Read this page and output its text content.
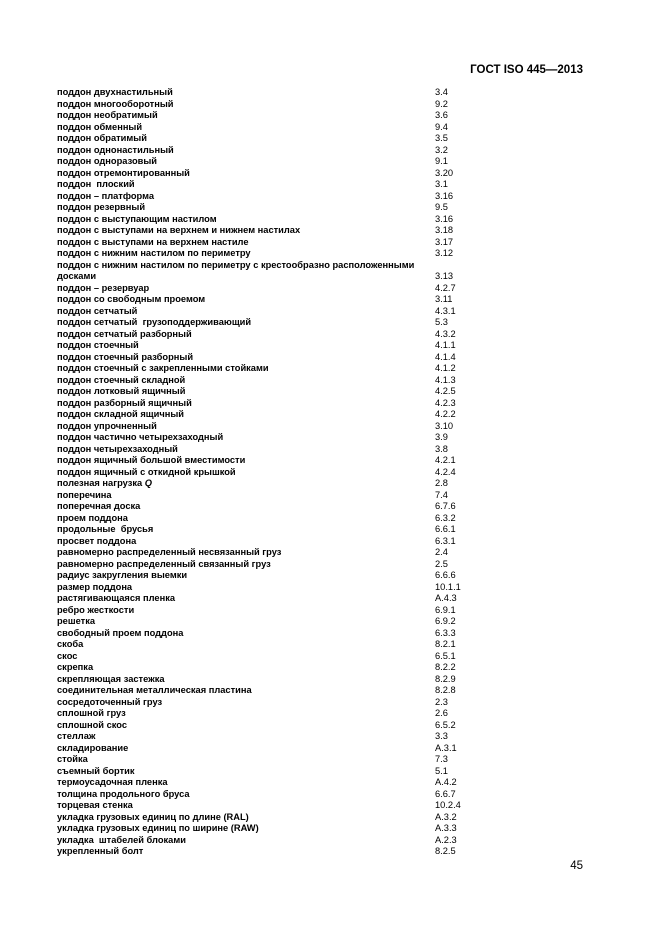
ГОСТ ISO 445—2013
поддон двухнастильный	3.4
поддон многооборотный	9.2
поддон необратимый	3.6
поддон обменный	9.4
поддон обратимый	3.5
поддон однонастильный	3.2
поддон одноразовый	9.1
поддон отремонтированный	3.20
поддон  плоский	3.1
поддон – платформа	3.16
поддон резервный	9.5
поддон с выступающим настилом	3.16
поддон с выступами на верхнем и нижнем настилах	3.18
поддон с выступами на верхнем настиле	3.17
поддон с нижним настилом по периметру	3.12
поддон с нижним настилом по периметру с крестообразно расположенными досками	3.13
поддон – резервуар	4.2.7
поддон со свободным проемом	3.11
поддон сетчатый	4.3.1
поддон сетчатый  грузоподдерживающий	5.3
поддон сетчатый разборный	4.3.2
поддон стоечный	4.1.1
поддон стоечный разборный	4.1.4
поддон стоечный с закрепленными стойками	4.1.2
поддон стоечный складной	4.1.3
поддон лотковый ящичный	4.2.5
поддон разборный ящичный	4.2.3
поддон складной ящичный	4.2.2
поддон упрочненный	3.10
поддон частично четырехзаходный	3.9
поддон четырехзаходный	3.8
поддон ящичный большой вместимости	4.2.1
поддон ящичный с откидной крышкой	4.2.4
полезная нагрузка Q	2.8
поперечина	7.4
поперечная доска	6.7.6
проем поддона	6.3.2
продольные  брусья	6.6.1
просвет поддона	6.3.1
равномерно распределенный несвязанный груз	2.4
равномерно распределенный связанный груз	2.5
радиус закругления выемки	6.6.6
размер поддона	10.1.1
растягивающаяся пленка	A.4.3
ребро жесткости	6.9.1
решетка	6.9.2
свободный проем поддона	6.3.3
скоба	8.2.1
скос	6.5.1
скрепка	8.2.2
скрепляющая застежка	8.2.9
соединительная металлическая пластина	8.2.8
сосредоточенный груз	2.3
сплошной груз	2.6
сплошной скос	6.5.2
стеллаж	3.3
складирование	A.3.1
стойка	7.3
съемный бортик	5.1
термоусадочная пленка	A.4.2
толщина продольного бруса	6.6.7
торцевая стенка	10.2.4
укладка грузовых единиц по длине (RAL)	A.3.2
укладка грузовых единиц по ширине (RAW)	A.3.3
укладка  штабелей блоками	A.2.3
укрепленный болт	8.2.5
45
